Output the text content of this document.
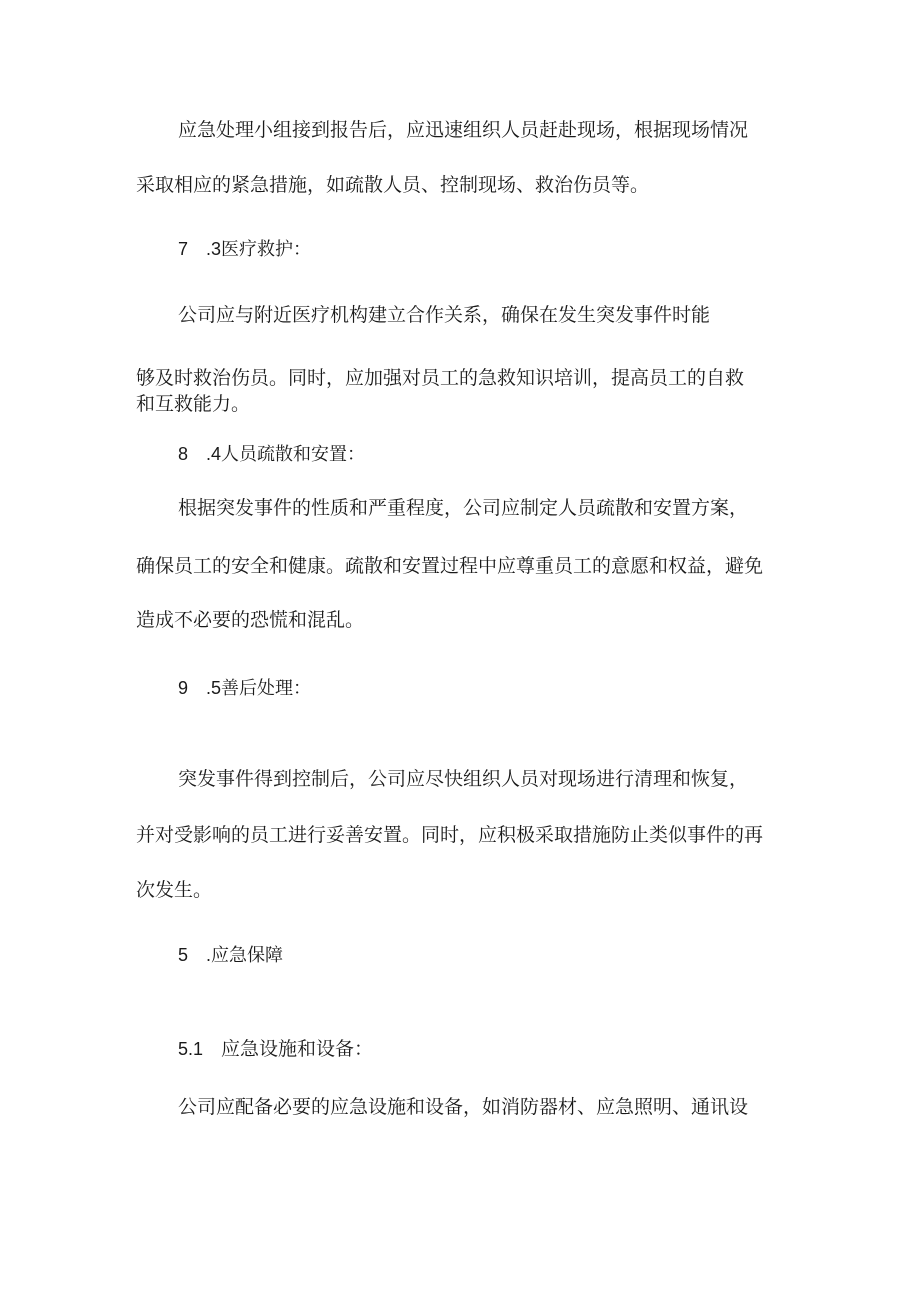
应急处理小组接到报告后，应迅速组织人员赶赴现场，根据现场情况

采取相应的紧急措施，如疏散人员、控制现场、救治伤员等。

7 .3医疗救护：

公司应与附近医疗机构建立合作关系，确保在发生突发事件时能

够及时救治伤员。同时，应加强对员工的急救知识培训，提高员工的自救

和互救能力。

8 .4人员疏散和安置：

根据突发事件的性质和严重程度，公司应制定人员疏散和安置方案，

确保员工的安全和健康。疏散和安置过程中应尊重员工的意愿和权益，避免

造成不必要的恐慌和混乱。

9 .5善后处理：

突发事件得到控制后，公司应尽快组织人员对现场进行清理和恢复，

并对受影响的员工进行妥善安置。同时，应积极采取措施防止类似事件的再

次发生。

5 .应急保障

5.1 应急设施和设备：

公司应配备必要的应急设施和设备，如消防器材、应急照明、通讯设
